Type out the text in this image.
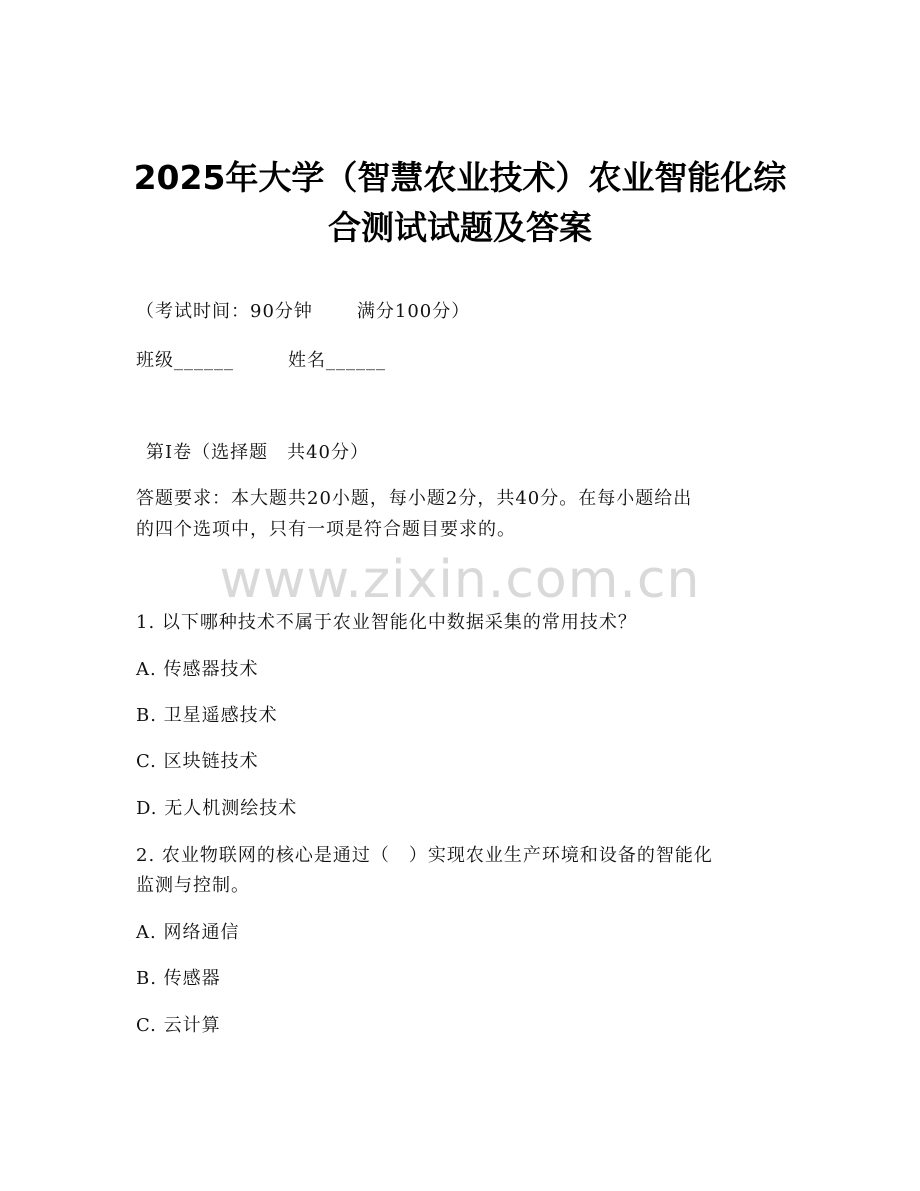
2025年大学（智慧农业技术）农业智能化综
合测试试题及答案
（考试时间：90分钟 满分100分）
班级______	姓名______
第I卷（选择题　共40分）
答题要求：本大题共20小题，每小题2分，共40分。在每小题给出
的四个选项中，只有一项是符合题目要求的。
www.zixin.com.cn
1. 以下哪种技术不属于农业智能化中数据采集的常用技术？
A. 传感器技术
B. 卫星遥感技术
C. 区块链技术
D. 无人机测绘技术
2. 农业物联网的核心是通过（　）实现农业生产环境和设备的智能化
监测与控制。
A. 网络通信
B. 传感器
C. 云计算
